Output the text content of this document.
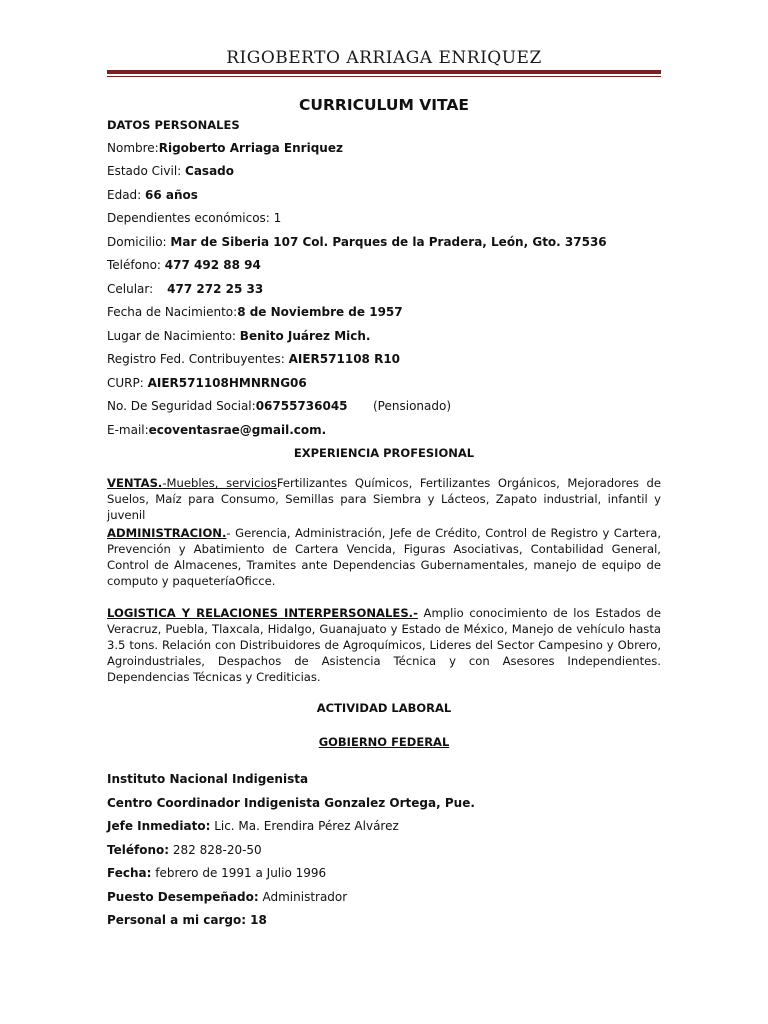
RIGOBERTO ARRIAGA ENRIQUEZ
CURRICULUM VITAE
DATOS PERSONALES
Nombre:Rigoberto Arriaga Enriquez
Estado Civil: Casado
Edad: 66 años
Dependientes económicos: 1
Domicilio: Mar de Siberia 107 Col. Parques de la Pradera, León, Gto. 37536
Teléfono: 477 492 88 94
Celular: 477 272 25 33
Fecha de Nacimiento:8 de Noviembre de 1957
Lugar de Nacimiento: Benito Juárez Mich.
Registro Fed. Contribuyentes: AIER571108 R10
CURP: AIER571108HMNRNG06
No. De Seguridad Social:06755736045 (Pensionado)
E-mail:ecoventasrae@gmail.com.
EXPERIENCIA PROFESIONAL
VENTAS.-Muebles, serviciosFertilizantes Químicos, Fertilizantes Orgánicos, Mejoradores de Suelos, Maíz para Consumo, Semillas para Siembra y Lácteos, Zapato industrial, infantil y juvenil
ADMINISTRACION.- Gerencia, Administración, Jefe de Crédito, Control de Registro y Cartera, Prevención y Abatimiento de Cartera Vencida, Figuras Asociativas, Contabilidad General, Control de Almacenes, Tramites ante Dependencias Gubernamentales, manejo de equipo de computo y paqueteríaOficce.
LOGISTICA Y RELACIONES INTERPERSONALES.- Amplio conocimiento de los Estados de Veracruz, Puebla, Tlaxcala, Hidalgo, Guanajuato y Estado de México, Manejo de vehículo hasta 3.5 tons. Relación con Distribuidores de Agroquímicos, Lideres del Sector Campesino y Obrero, Agroindustriales, Despachos de Asistencia Técnica y con Asesores Independientes. Dependencias Técnicas y Crediticias.
ACTIVIDAD LABORAL
GOBIERNO FEDERAL
Instituto Nacional Indigenista
Centro Coordinador Indigenista Gonzalez Ortega, Pue.
Jefe Inmediato: Lic. Ma. Erendira Pérez Alvárez
Teléfono: 282 828-20-50
Fecha: febrero de 1991 a Julio 1996
Puesto Desempeñado: Administrador
Personal a mi cargo: 18
